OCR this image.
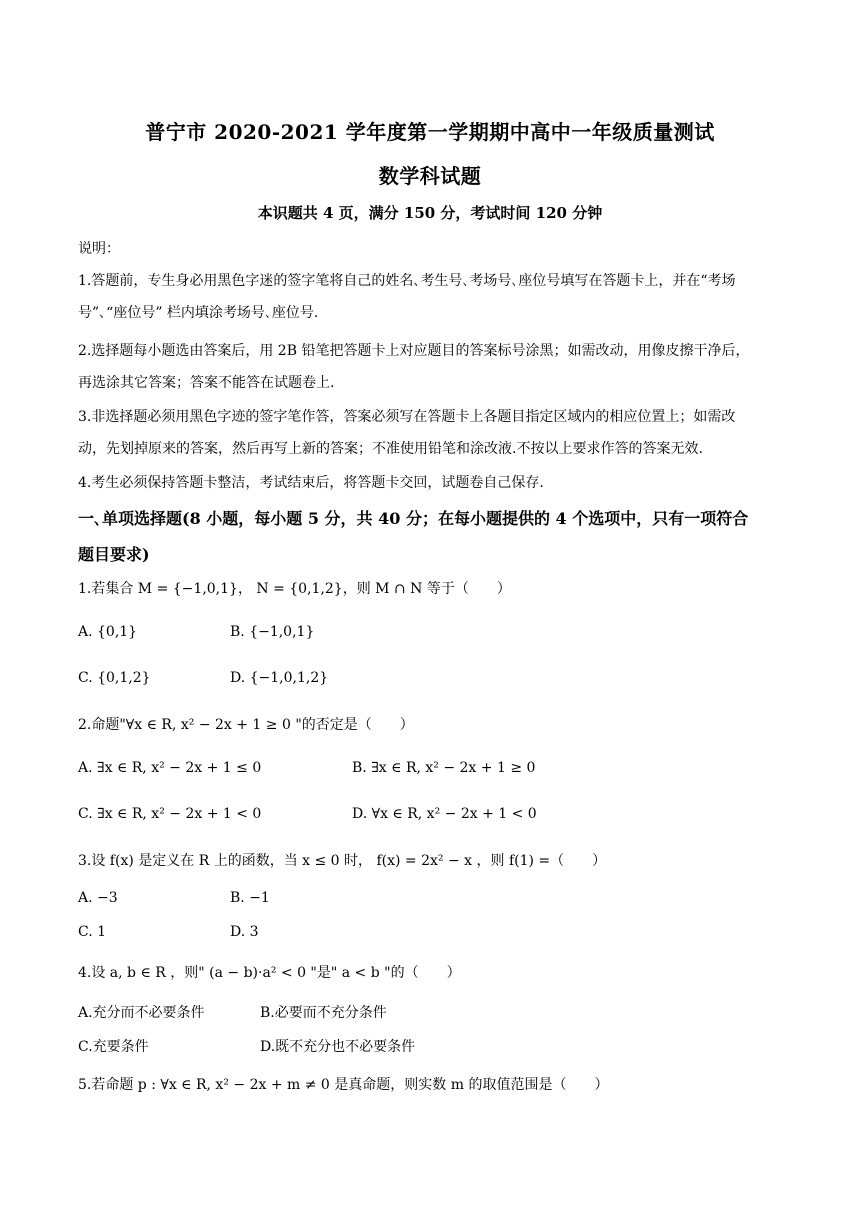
普宁市 2020-2021 学年度第一学期期中高中一年级质量测试
数学科试题
本识题共 4 页，满分 150 分，考试时间 120 分钟
说明：
1.答题前，专生身必用黑色字迷的签字笔将自己的姓名､考生号､考场号､座位号填写在答题卡上，并在“考场
号”､“座位号” 栏内填涂考场号､座位号.
2.选择题每小题选由答案后，用 2B 铅笔把答题卡上对应题目的答案标号涂黑；如需改动，用像皮擦干净后，
再选涂其它答案；答案不能答在试题卷上.
3.非选择题必须用黑色字迹的签字笔作答，答案必须写在答题卡上各题目指定区域内的相应位置上；如需改
动，先划掉原来的答案，然后再写上新的答案；不准使用铅笔和涂改液.不按以上要求作答的答案无效.
4.考生必须保持答题卡整洁，考试结束后，将答题卡交回，试题卷自己保存.
一､单项选择题(8 小题，每小题 5 分，共 40 分；在每小题提供的 4 个选项中，只有一项符合
题目要求)
1.若集合 M = {−1,0,1}， N = {0,1,2}，则 M ∩ N 等于（　　）
A. {0,1}	B. {−1,0,1}
C. {0,1,2}	D. {−1,0,1,2}
2.命题"∀x ∈ R, x² − 2x + 1 ≥ 0 "的否定是（　　）
A. ∃x ∈ R, x² − 2x + 1 ≤ 0	B. ∃x ∈ R, x² − 2x + 1 ≥ 0
C. ∃x ∈ R, x² − 2x + 1 < 0	D. ∀x ∈ R, x² − 2x + 1 < 0
3.设 f(x) 是定义在 R 上的函数，当 x ≤ 0 时， f(x) = 2x² − x ，则 f(1) =（　　）
A. −3	B. −1
C. 1	D. 3
4.设 a, b ∈ R ，则" (a − b)·a² < 0 "是" a < b "的（　　）
A.充分而不必要条件	B.必要而不充分条件
C.充要条件	D.既不充分也不必要条件
5.若命题 p : ∀x ∈ R, x² − 2x + m ≠ 0 是真命题，则实数 m 的取值范围是（　　）
